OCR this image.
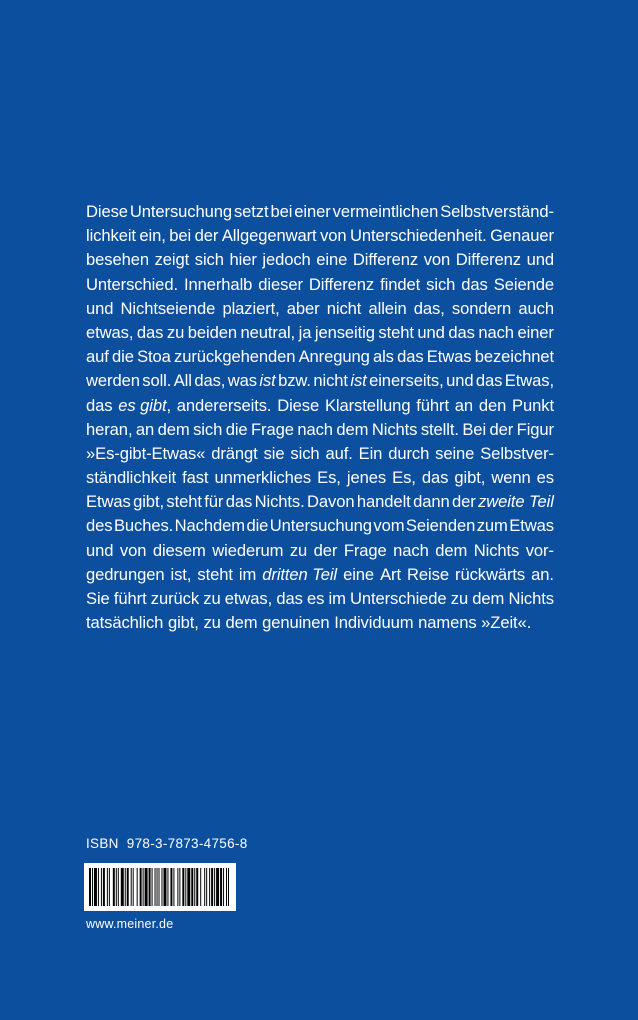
Diese Untersuchung setzt bei einer vermeintlichen Selbstverständ-
lichkeit ein, bei der Allgegenwart von Unterschiedenheit. Genauer
besehen zeigt sich hier jedoch eine Differenz von Differenz und
Unterschied. Innerhalb dieser Differenz findet sich das Seiende
und Nichtseiende plaziert, aber nicht allein das, sondern auch
etwas, das zu beiden neutral, ja jenseitig steht und das nach einer
auf die Stoa zurückgehenden Anregung als das Etwas bezeichnet
werden soll. All das, was ist bzw. nicht ist einerseits, und das Etwas,
das es gibt, andererseits. Diese Klarstellung führt an den Punkt
heran, an dem sich die Frage nach dem Nichts stellt. Bei der Figur
»Es-gibt-Etwas« drängt sie sich auf. Ein durch seine Selbstver-
ständlichkeit fast unmerkliches Es, jenes Es, das gibt, wenn es
Etwas gibt, steht für das Nichts. Davon handelt dann der zweite Teil
des Buches. Nachdem die Untersuchung vom Seienden zum Etwas
und von diesem wiederum zu der Frage nach dem Nichts vor-
gedrungen ist, steht im dritten Teil eine Art Reise rückwärts an.
Sie führt zurück zu etwas, das es im Unterschiede zu dem Nichts
tatsächlich gibt, zu dem genuinen Individuum namens »Zeit«.
ISBN  978-3-7873-4756-8
www.meiner.de
